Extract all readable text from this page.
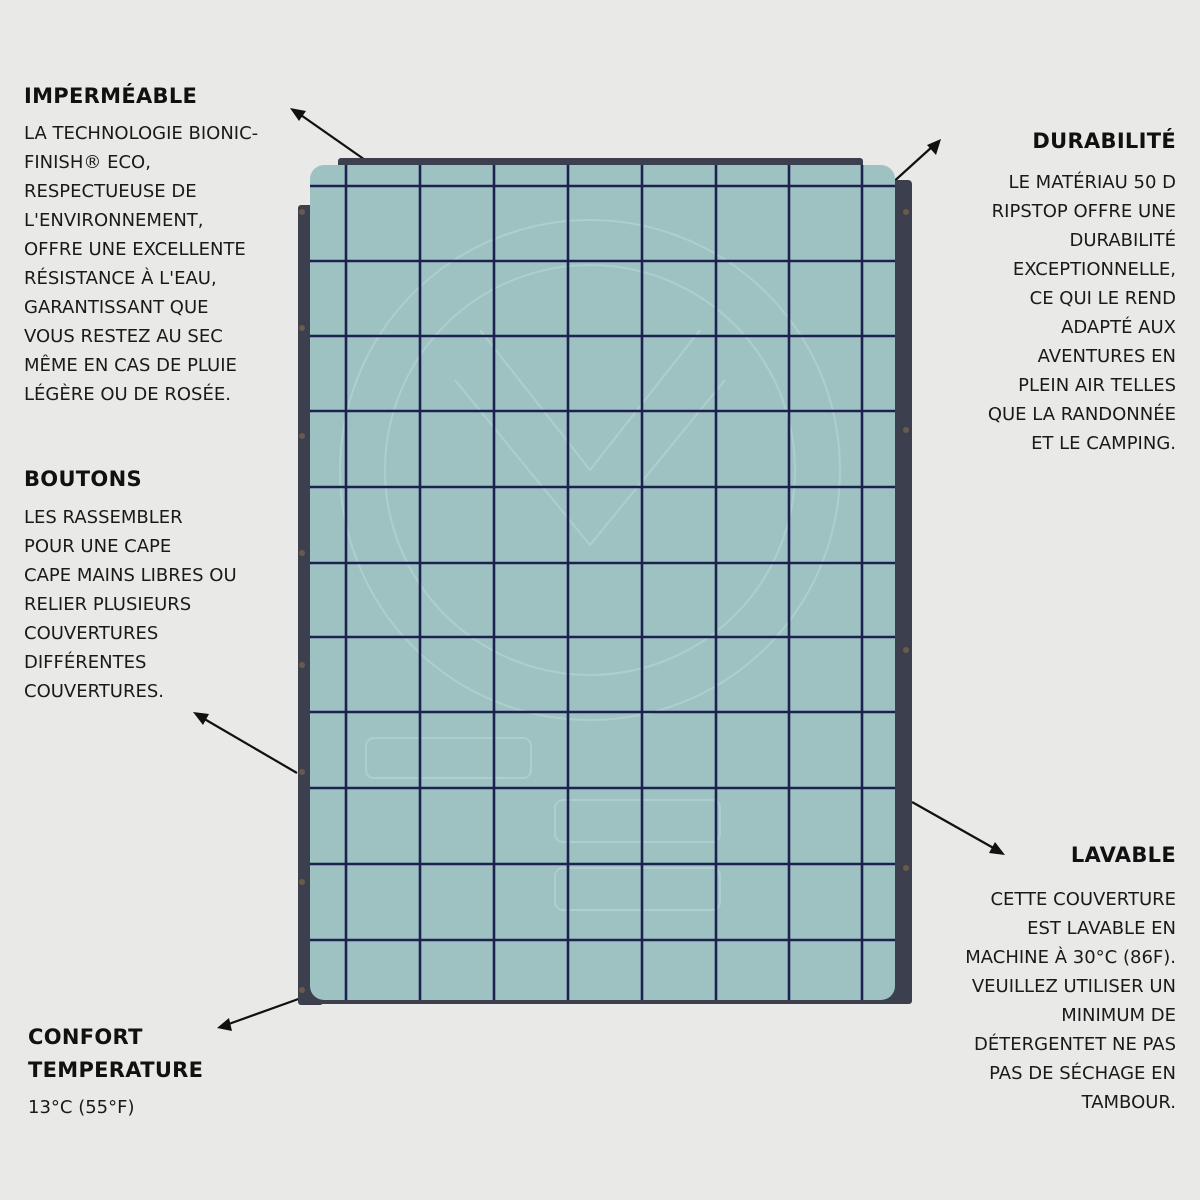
IMPERMÉABLE

LA TECHNOLOGIE BIONIC-
FINISH® ECO,
RESPECTUEUSE DE
L'ENVIRONNEMENT,
OFFRE UNE EXCELLENTE
RÉSISTANCE À L'EAU,
GARANTISSANT QUE
VOUS RESTEZ AU SEC
MÊME EN CAS DE PLUIE
LÉGÈRE OU DE ROSÉE.

BOUTONS

LES RASSEMBLER
POUR UNE CAPE
CAPE MAINS LIBRES OU
RELIER PLUSIEURS
COUVERTURES
DIFFÉRENTES
COUVERTURES.

CONFORT
TEMPERATURE

13°C (55°F)

DURABILITÉ

LE MATÉRIAU 50 D
RIPSTOP OFFRE UNE
DURABILITÉ
EXCEPTIONNELLE,
CE QUI LE REND
ADAPTÉ AUX
AVENTURES EN
PLEIN AIR TELLES
QUE LA RANDONNÉE
ET LE CAMPING.

LAVABLE

CETTE COUVERTURE
EST LAVABLE EN
MACHINE À 30°C (86F).
VEUILLEZ UTILISER UN
MINIMUM DE
DÉTERGENTET NE PAS
PAS DE SÉCHAGE EN
TAMBOUR.
